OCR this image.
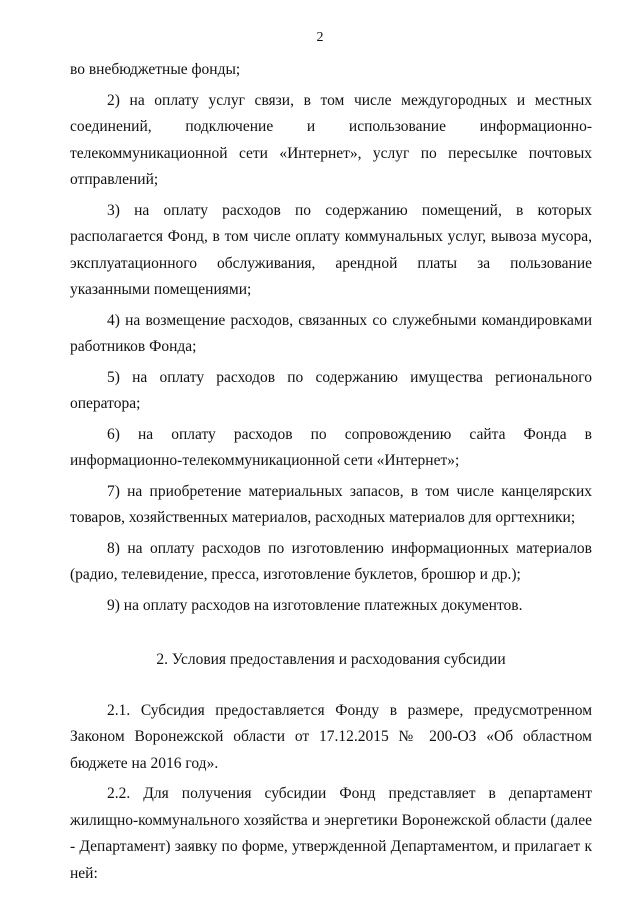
2

во внебюджетные фонды;

2) на оплату услуг связи, в том числе междугородных и местных соединений, подключение и использование информационно-телекоммуникационной сети «Интернет», услуг по пересылке почтовых отправлений;

3) на оплату расходов по содержанию помещений, в которых располагается Фонд, в том числе оплату коммунальных услуг, вывоза мусора, эксплуатационного обслуживания, арендной платы за пользование указанными помещениями;

4) на возмещение расходов, связанных со служебными командировками работников Фонда;

5) на оплату расходов по содержанию имущества регионального оператора;

6) на оплату расходов по сопровождению сайта Фонда в информационно-телекоммуникационной сети «Интернет»;

7) на приобретение материальных запасов, в том числе канцелярских товаров, хозяйственных материалов, расходных материалов для оргтехники;

8) на оплату расходов по изготовлению информационных материалов (радио, телевидение, пресса, изготовление буклетов, брошюр и др.);

9) на оплату расходов на изготовление платежных документов.

2. Условия предоставления и расходования субсидии

2.1. Субсидия предоставляется Фонду в размере, предусмотренном Законом Воронежской области от 17.12.2015 № 200-ОЗ «Об областном бюджете на 2016 год».

2.2. Для получения субсидии Фонд представляет в департамент жилищно-коммунального хозяйства и энергетики Воронежской области (далее - Департамент) заявку по форме, утвержденной Департаментом, и прилагает к ней:
